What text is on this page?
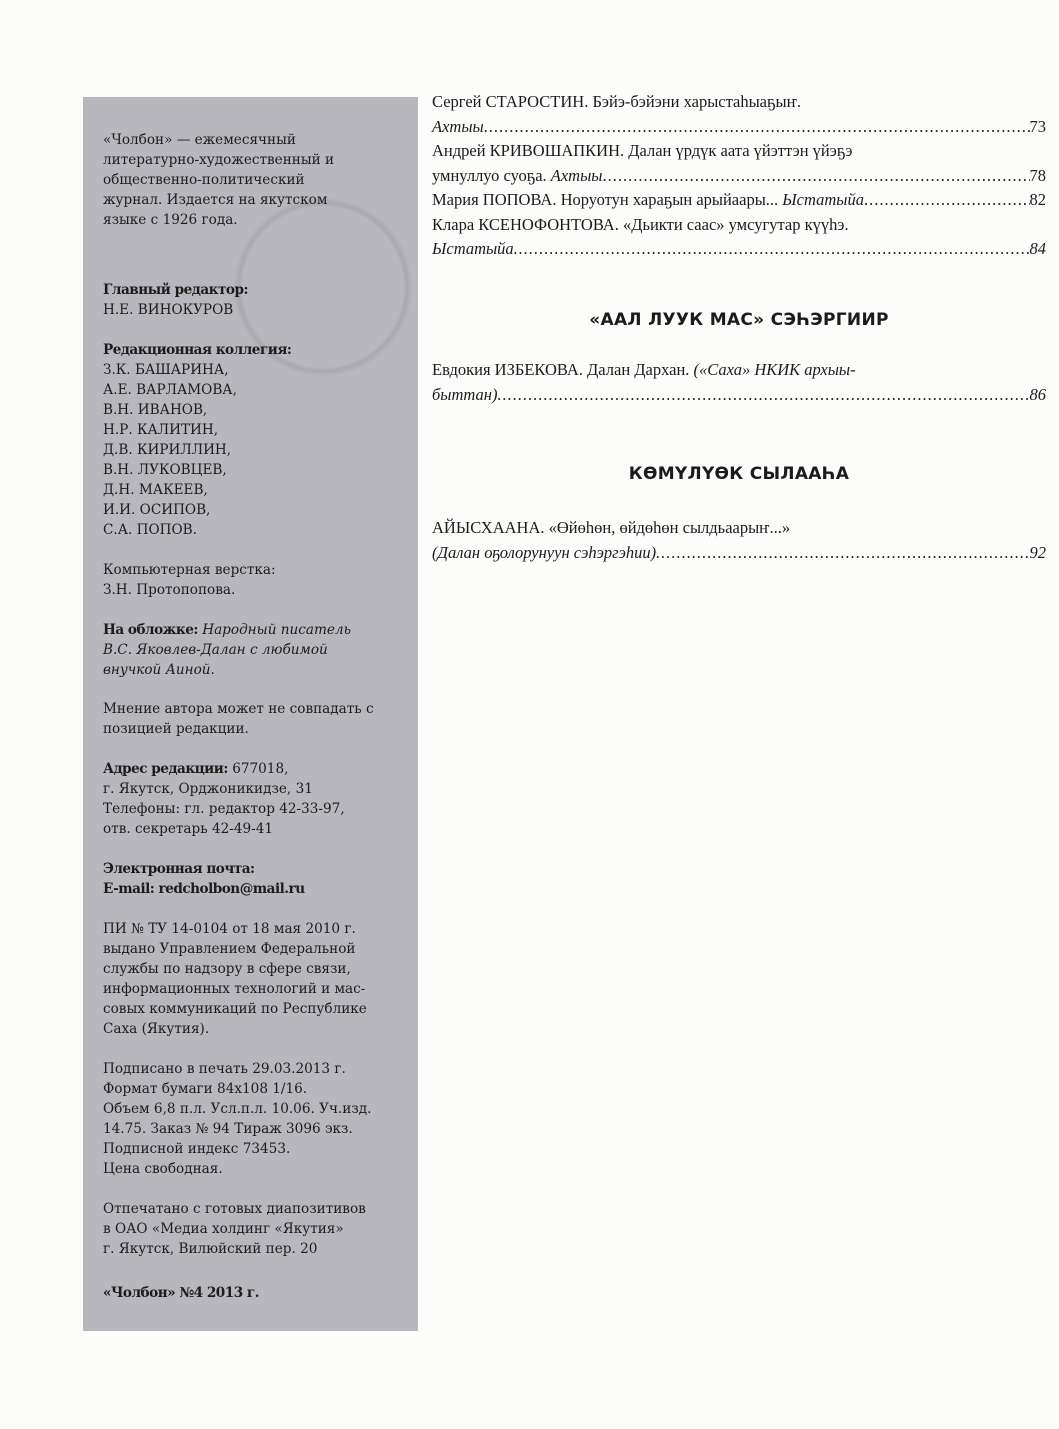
«Чолбон» — ежемесячный
литературно-художественный и
общественно-политический
журнал. Издается на якутском
языке с 1926 года.
Главный редактор:
Н.Е. ВИНОКУРОВ
Редакционная коллегия:
З.К. БАШАРИНА,
А.Е. ВАРЛАМОВА,
В.Н. ИВАНОВ,
Н.Р. КАЛИТИН,
Д.В. КИРИЛЛИН,
В.Н. ЛУКОВЦЕВ,
Д.Н. МАКЕЕВ,
И.И. ОСИПОВ,
С.А. ПОПОВ.
Компьютерная верстка:
З.Н. Протопопова.
На обложке: Народный писатель
В.С. Яковлев-Далан с любимой
внучкой Аиной.
Мнение автора может не совпадать с
позицией редакции.
Адрес редакции: 677018,
г. Якутск, Орджоникидзе, 31
Телефоны: гл. редактор 42-33-97,
отв. секретарь 42-49-41
Электронная почта:
E-mail: redcholbon@mail.ru
ПИ № ТУ 14-0104 от 18 мая 2010 г.
выдано Управлением Федеральной
службы по надзору в сфере связи,
информационных технологий и мас-
совых коммуникаций по Республике
Саха (Якутия).
Подписано в печать 29.03.2013 г.
Формат бумаги 84x108 1/16.
Объем 6,8 п.л. Усл.п.л. 10.06. Уч.изд.
14.75. Заказ № 94 Тираж 3096 экз.
Подписной индекс 73453.
Цена свободная.
Отпечатано с готовых диапозитивов
в ОАО «Медиа холдинг «Якутия»
г. Якутск, Вилюйский пер. 20
«Чолбон» №4 2013 г.
Сергей СТАРОСТИН. Бэйэ-бэйэни харыстаһыаҕыҥ.
Ахтыы .....	73
Андрей КРИВОШАПКИН. Далан үрдүк аата үйэттэн үйэҕэ
умнуллуо суоҕа. Ахтыы .....	78
Мария ПОПОВА. Норуотун хараҕын арыйаары... Ыстатыйа .....	82
Клара КСЕНОФОНТОВА. «Дьикти саас» умсугутар күүһэ.
Ыстатыйа .....	84
«ААЛ ЛУУК МАС» СЭҺЭРГИИР
Евдокия ИЗБЕКОВА. Далан Дархан. («Саха» НКИК архыы-
быттан) .....	86
КӨМҮЛҮӨК СЫЛААҺА
АЙЫСХААНА. «Өйөһөн, өйдөһөн сылдьаарыҥ...»
(Далан оҕолорунуун сэһэргэһии) .....	92
